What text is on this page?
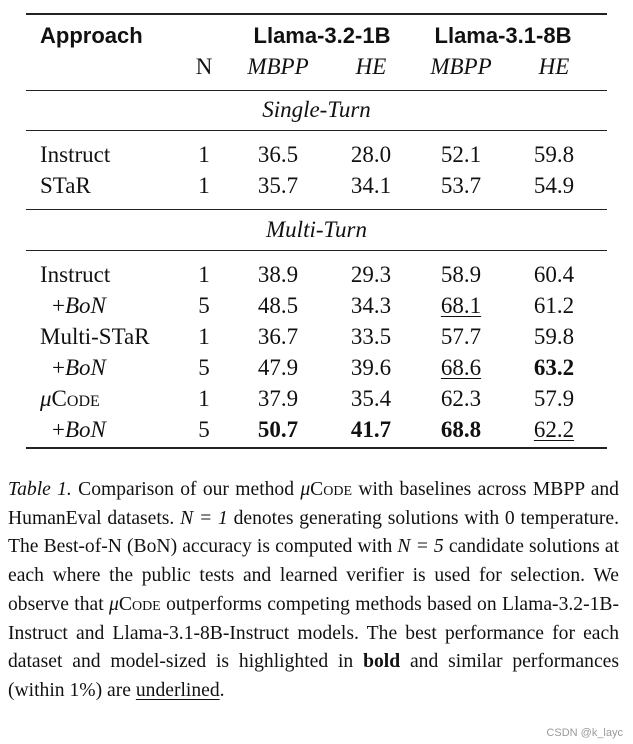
Approach	Llama-3.2-1B Llama-3.1-8B
N MBPP HE MBPP HE
Single-Turn
Instruct	1 36.5 28.0 52.1 59.8
STaR	1 35.7 34.1 53.7 54.9
Multi-Turn
Instruct	1 38.9 29.3 58.9 60.4
+BoN	5 48.5 34.3 68.1 61.2
Multi-STaR 1 36.7 33.5 57.7 59.8
+BoN	5 47.9 39.6 68.6 63.2
μCode	1 37.9 35.4 62.3 57.9
+BoN	5 50.7 41.7 68.8 62.2
Table 1. Comparison of our method μCode with baselines across MBPP and HumanEval datasets. N = 1 denotes generating solutions with 0 temperature. The Best-of-N (BoN) accuracy is computed with N = 5 candidate solutions at each where the public tests and learned verifier is used for selection. We observe that μCode outperforms competing methods based on Llama-3.2-1B-Instruct and Llama-3.1-8B-Instruct models. The best performance for each dataset and model-sized is highlighted in bold and similar performances (within 1%) are underlined.
CSDN @k_layc
